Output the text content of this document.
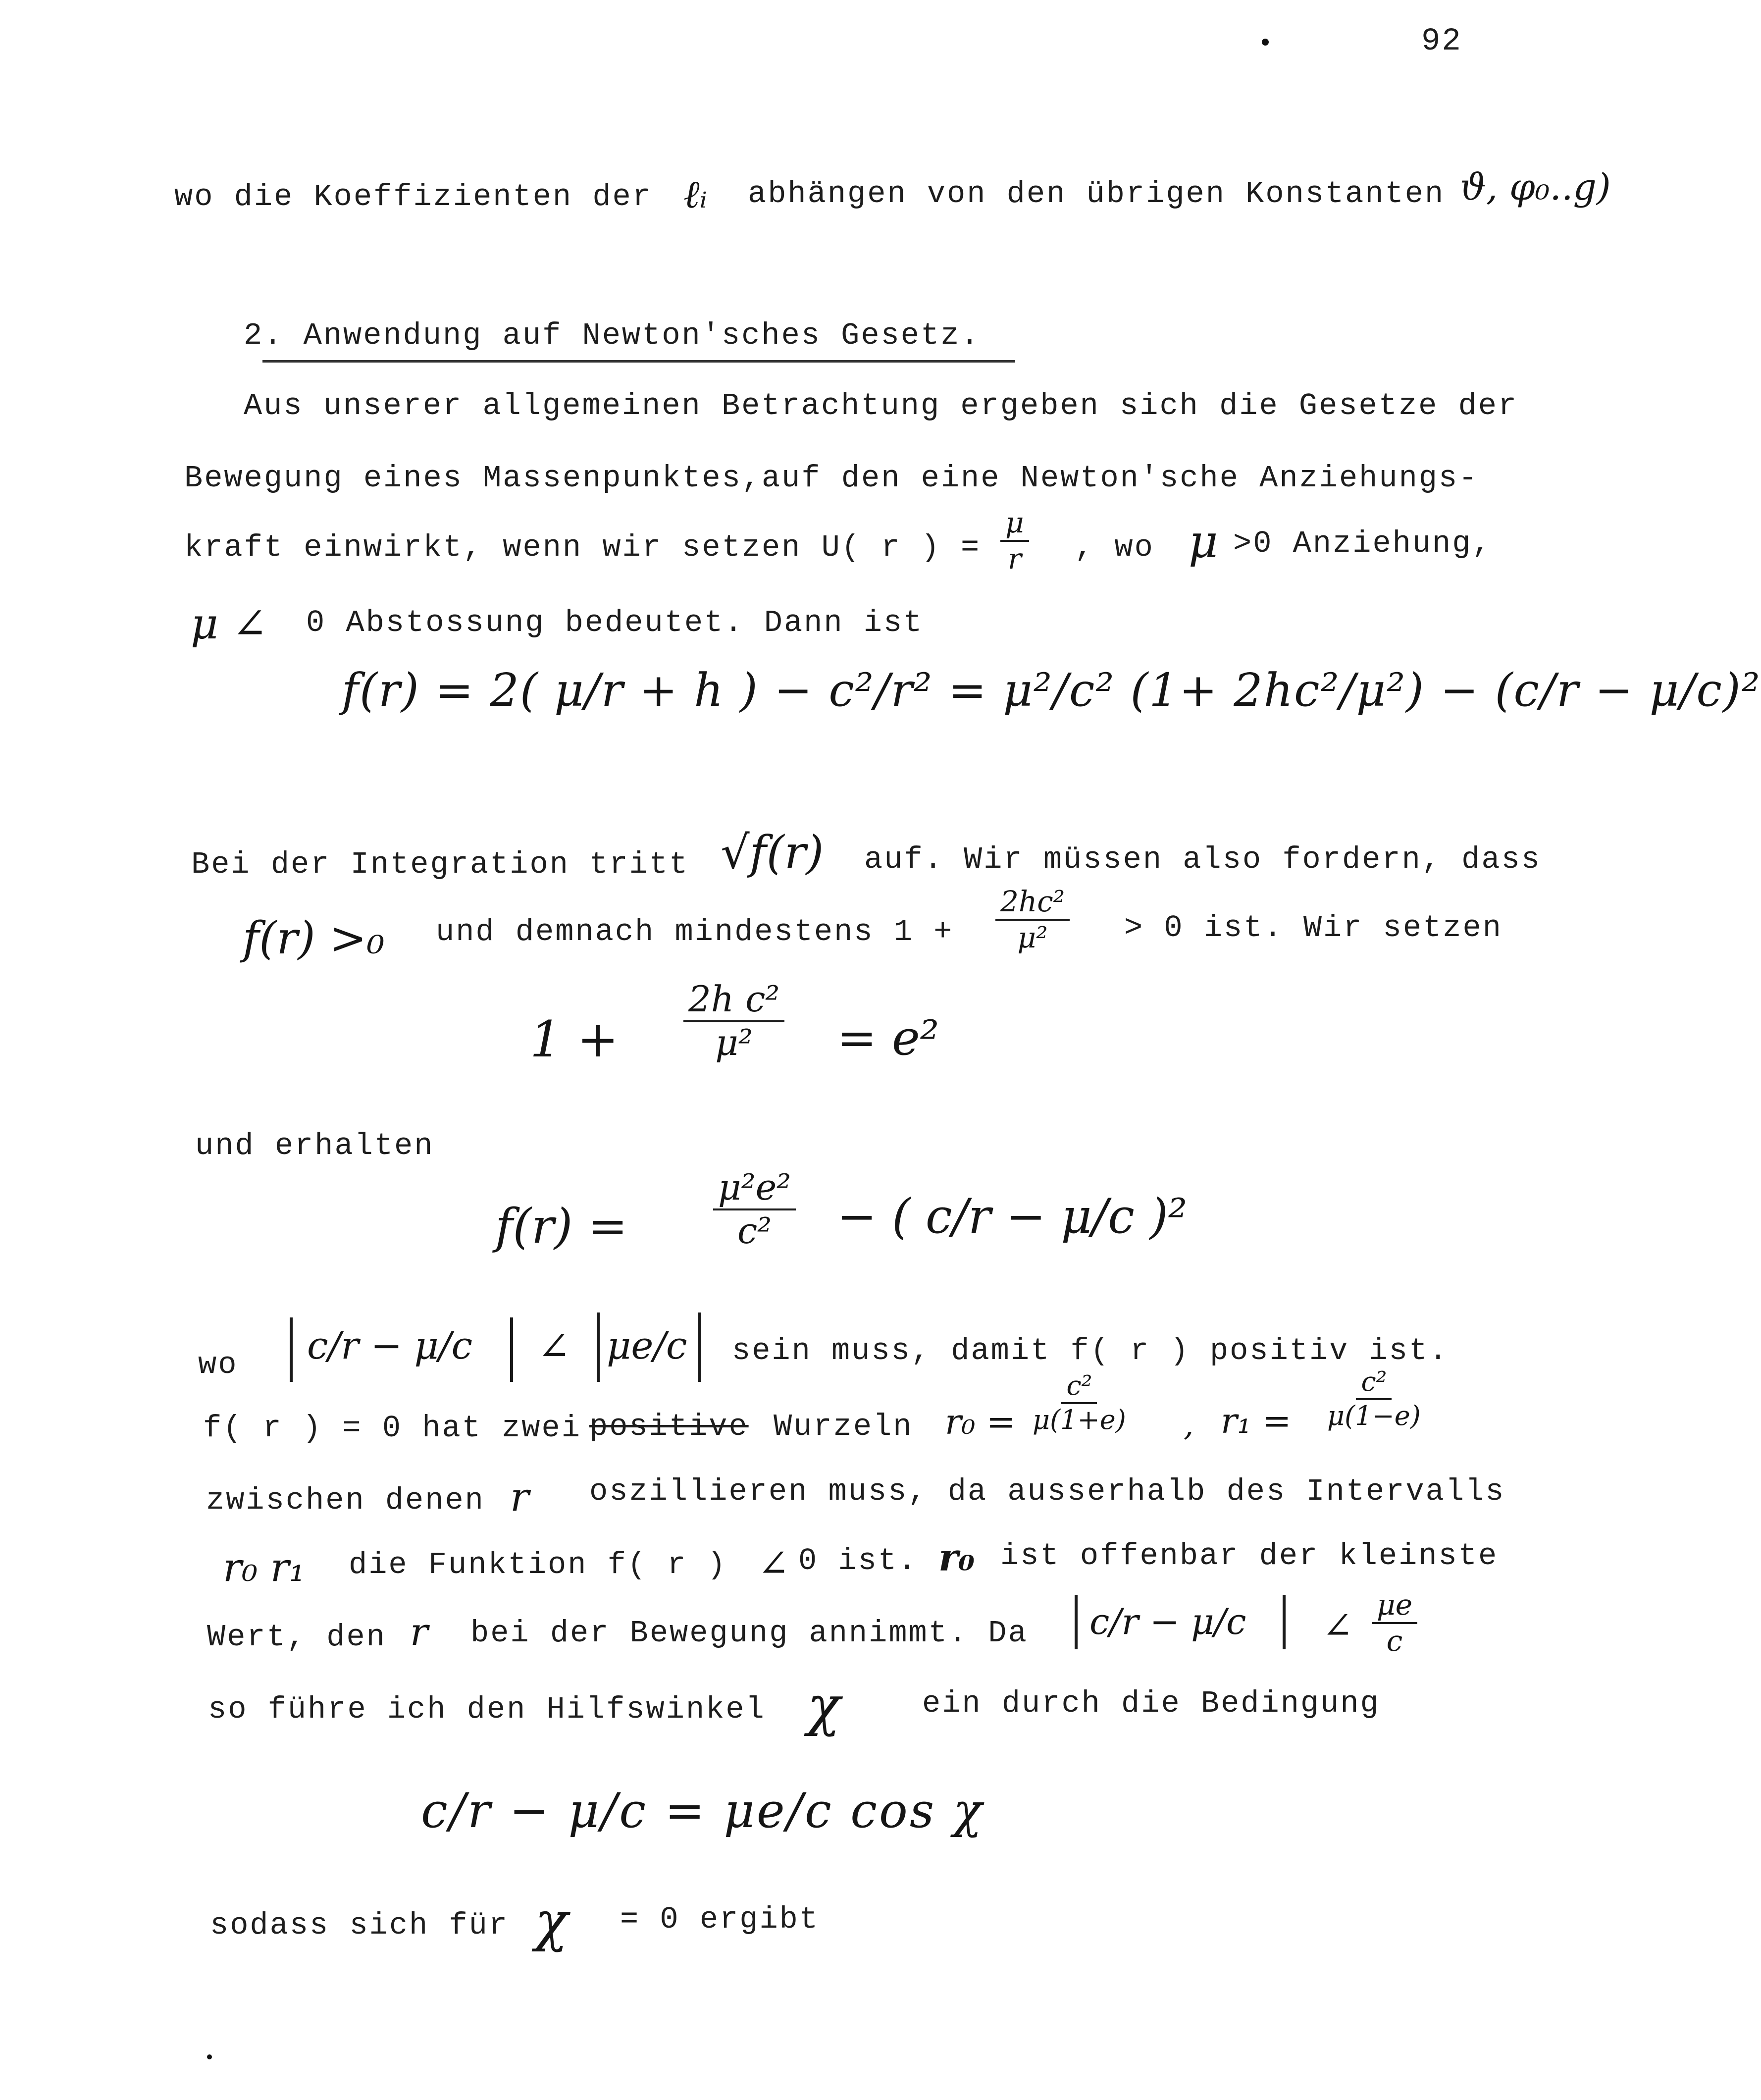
92
wo die Koeffizienten der ℓᵢ abhängen von den übrigen Konstanten ϑ, φ₀..g)
2. Anwendung auf Newton'sches Gesetz.
Aus unserer allgemeinen Betrachtung ergeben sich die Gesetze der
Bewegung eines Massenpunktes,auf den eine Newton'sche Anziehungs-
kraft einwirkt, wenn wir setzen U( r ) = $\frac{\mu}{r}$ , wo μ >0 Anziehung,
μ ∠ 0 Abstossung bedeutet. Dann ist
f(r) = 2( μ/r + h ) − c²/r² = μ²/c² (1+ 2hc²/μ²) − (c/r − μ/c)²
Bei der Integration tritt √f(r) auf. Wir müssen also fordern, dass
f(r) >₀ und demnach mindestens $1 + \frac{\text{2hc²}}{\text{μ²}} > 0$ ist. Wir setzen
$1 + \frac{\text{2h c²}}{\text{μ²}} = e^2$
und erhalten
$f(r) = \frac{\text{μ²e²}}{\text{c²}}$ − ( c/r − μ/c )²
wo c/r − μ/c ∠ μe/c sein muss, damit f( r ) positiv ist.
f( r ) = 0 hat zwei positive Wurzeln $r_0 = \frac{\text{c²}}{\mu(1+e)}$ , $r_1 = \frac{\text{c²}}{\mu(1-e)}$
zwischen denen r oszillieren muss, da ausserhalb des Intervalls
r₀ r₁ die Funktion f( r ) ∠ 0 ist. r₀ ist offenbar der kleinste
Wert, den r bei der Bewegung annimmt. Da c/r − μ/c ∠ $\frac{\mu e}{c}$
so führe ich den Hilfswinkel χ	ein durch die Bedingung
c/r − μ/c = μe/c cos χ
sodass sich für χ = 0 ergibt
